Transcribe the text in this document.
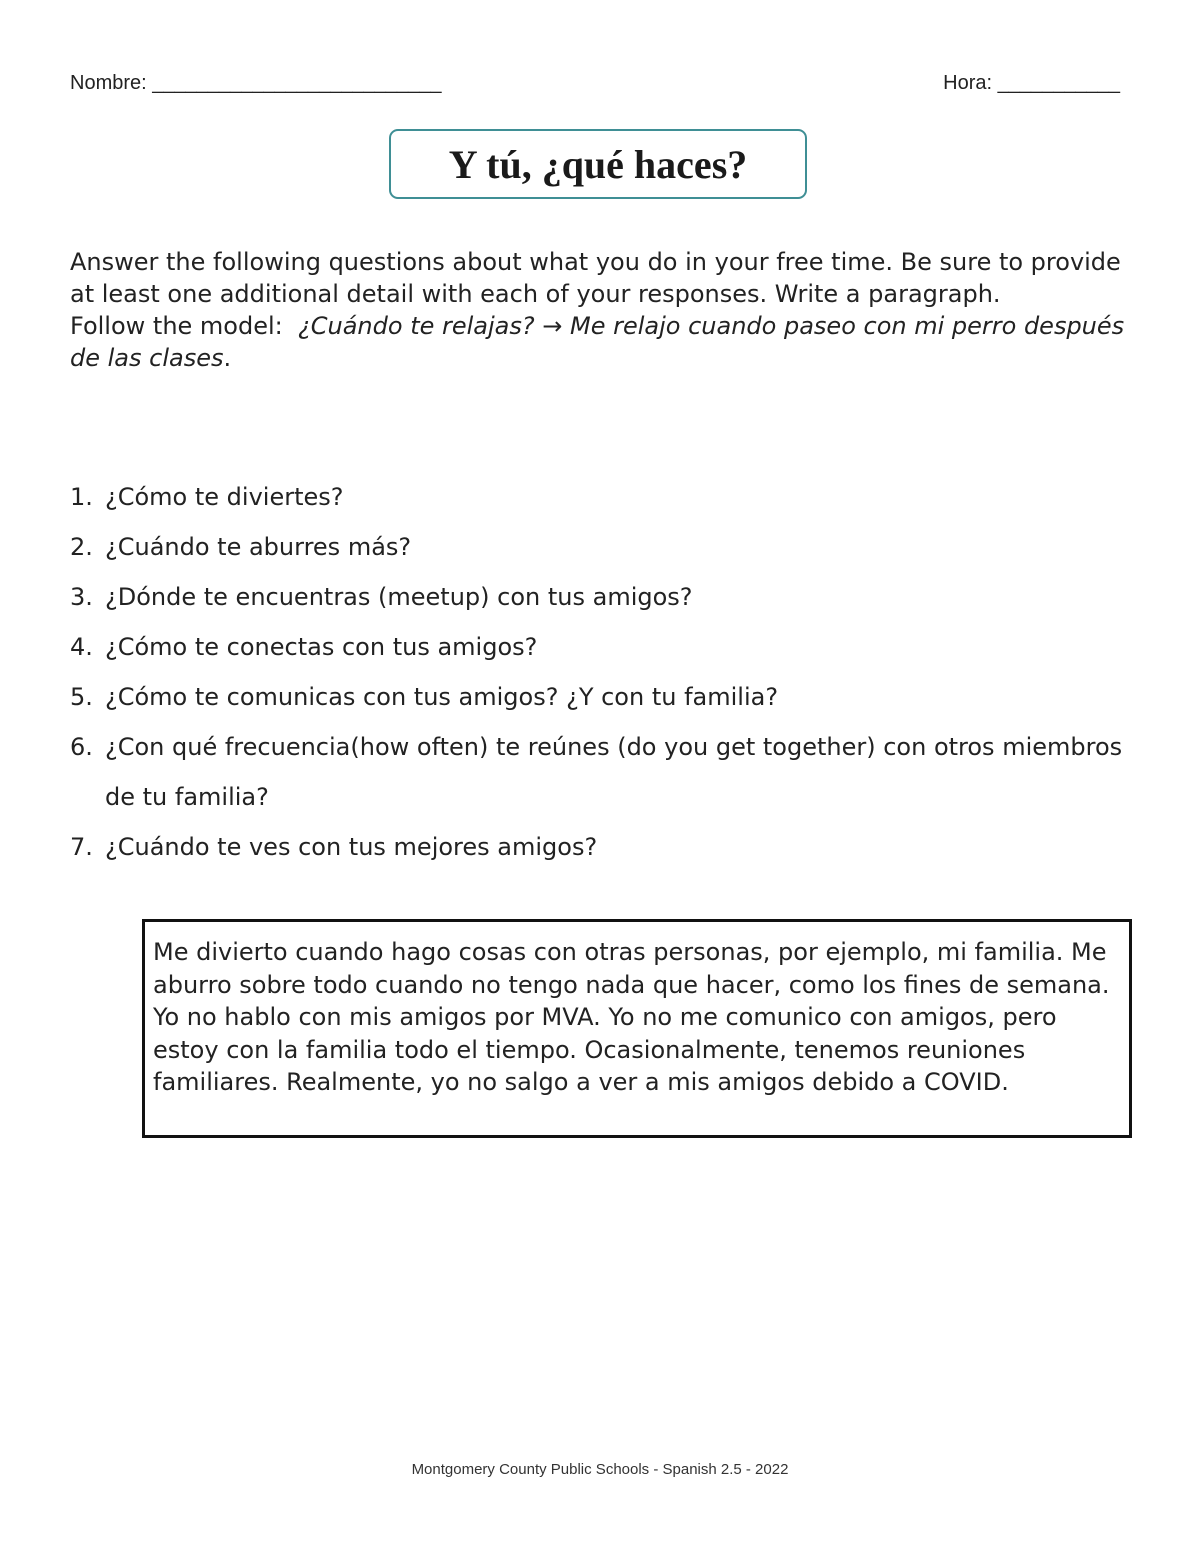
Nombre: __________________________	Hora: ___________
Y tú, ¿qué haces?

Answer the following questions about what you do in your free time. Be sure to provide at least one additional detail with each of your responses. Write a paragraph.

Follow the model: ¿Cuándo te relajas? → Me relajo cuando paseo con mi perro después de las clases.

1. ¿Cómo te diviertes?
2. ¿Cuándo te aburres más?
3. ¿Dónde te encuentras (meetup) con tus amigos?
4. ¿Cómo te conectas con tus amigos?
5. ¿Cómo te comunicas con tus amigos? ¿Y con tu familia?
6. ¿Con qué frecuencia(how often) te reúnes (do you get together) con otros miembros de tu familia?
7. ¿Cuándo te ves con tus mejores amigos?
Me divierto cuando hago cosas con otras personas, por ejemplo, mi familia. Me aburro sobre todo cuando no tengo nada que hacer, como los fines de semana. Yo no hablo con mis amigos por MVA. Yo no me comunico con amigos, pero estoy con la familia todo el tiempo. Ocasionalmente, tenemos reuniones familiares. Realmente, yo no salgo a ver a mis amigos debido a COVID.
Montgomery County Public Schools - Spanish 2.5 - 2022
